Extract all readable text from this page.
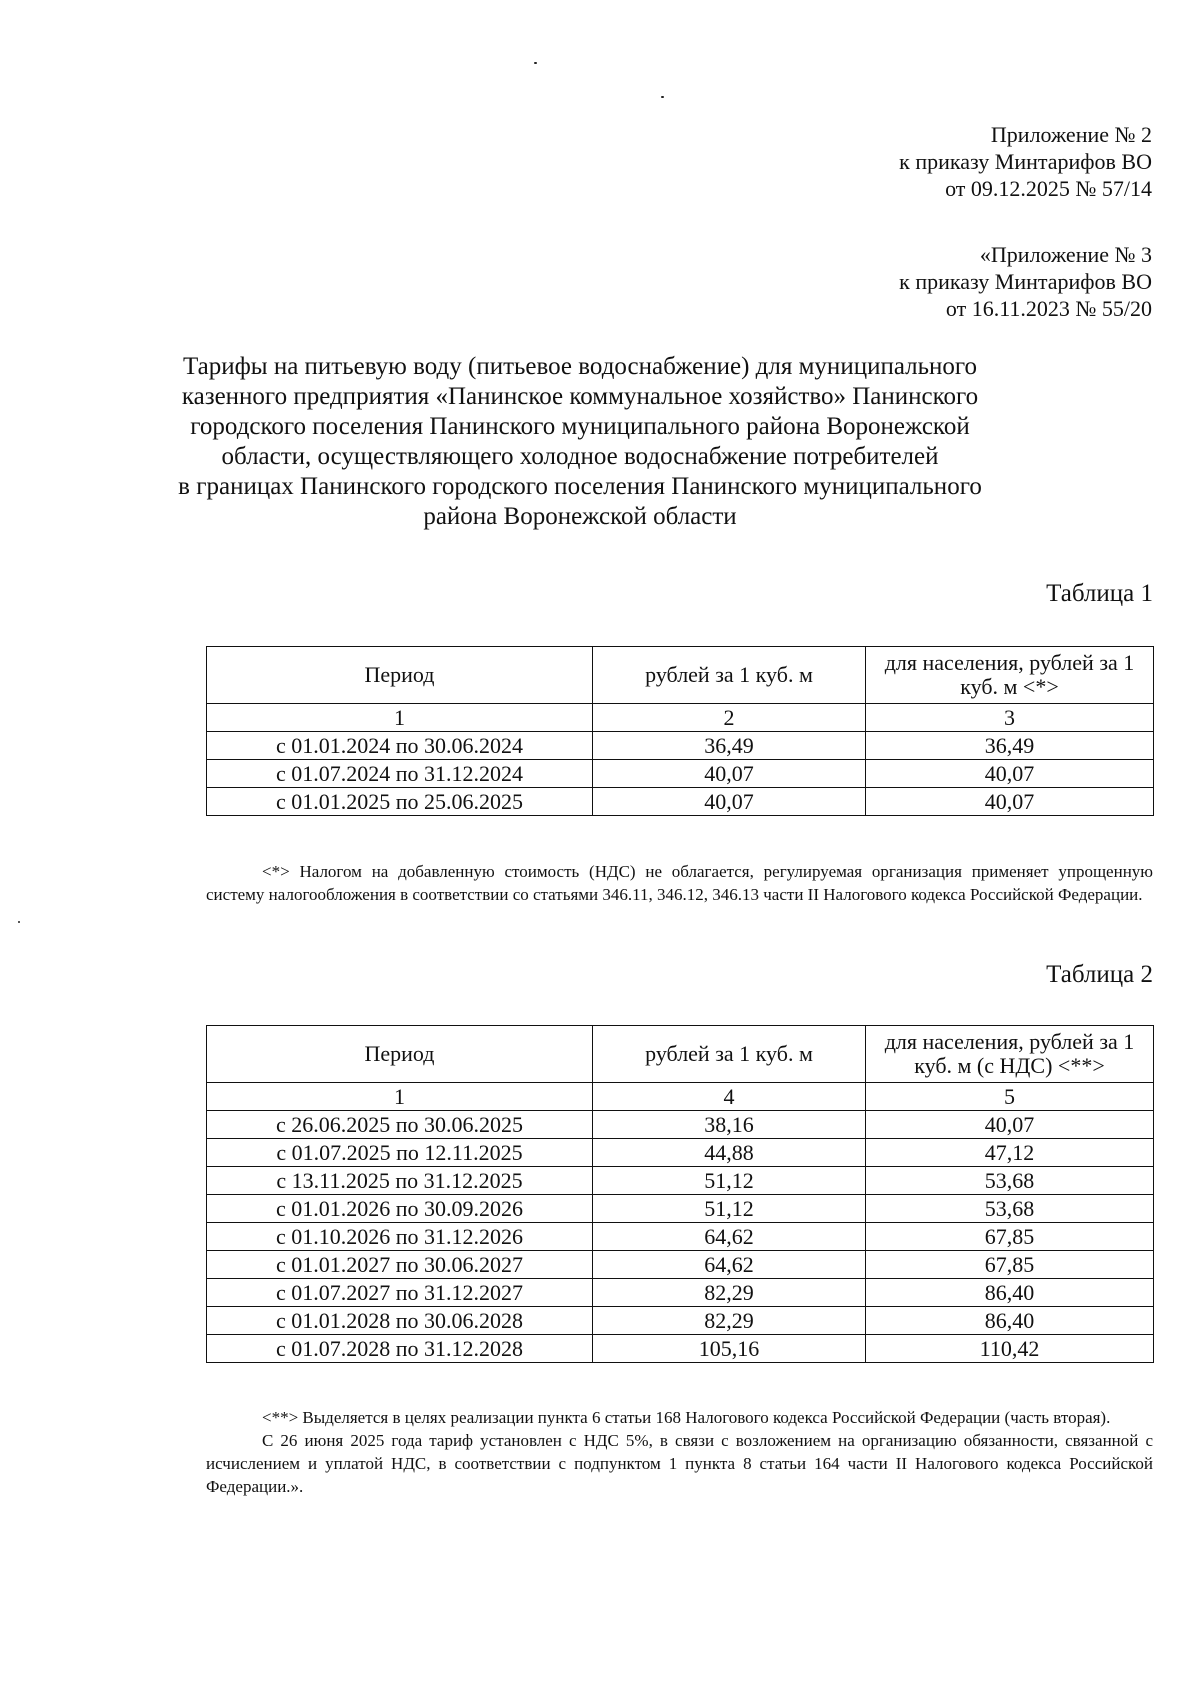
Приложение № 2
к приказу Минтарифов ВО
от 09.12.2025 № 57/14
«Приложение № 3
к приказу Минтарифов ВО
от 16.11.2023 № 55/20
Тарифы на питьевую воду (питьевое водоснабжение) для муниципального
казенного предприятия «Панинское коммунальное хозяйство» Панинского
городского поселения Панинского муниципального района Воронежской
области, осуществляющего холодное водоснабжение потребителей
в границах Панинского городского поселения Панинского муниципального
района Воронежской области
Таблица 1
Период	рублей за 1 куб. м	для населения, рублей за 1 куб. м <*>
1	2	3
с 01.01.2024 по 30.06.2024	36,49	36,49
с 01.07.2024 по 31.12.2024	40,07	40,07
с 01.01.2025 по 25.06.2025	40,07	40,07

<*> Налогом на добавленную стоимость (НДС) не облагается, регулируемая организация применяет упрощенную систему налогообложения в соответствии со статьями 346.11, 346.12, 346.13 части II Налогового кодекса Российской Федерации.

Таблица 2
Период	рублей за 1 куб. м	для населения, рублей за 1 куб. м (с НДС) <**>
1	4	5
с 26.06.2025 по 30.06.2025	38,16	40,07
с 01.07.2025 по 12.11.2025	44,88	47,12
с 13.11.2025 по 31.12.2025	51,12	53,68
с 01.01.2026 по 30.09.2026	51,12	53,68
с 01.10.2026 по 31.12.2026	64,62	67,85
с 01.01.2027 по 30.06.2027	64,62	67,85
с 01.07.2027 по 31.12.2027	82,29	86,40
с 01.01.2028 по 30.06.2028	82,29	86,40
с 01.07.2028 по 31.12.2028	105,16	110,42

<**> Выделяется в целях реализации пункта 6 статьи 168 Налогового кодекса Российской Федерации (часть вторая).

С 26 июня 2025 года тариф установлен с НДС 5%, в связи с возложением на организацию обязанности, связанной с исчислением и уплатой НДС, в соответствии с подпунктом 1 пункта 8 статьи 164 части II Налогового кодекса Российской Федерации.».
